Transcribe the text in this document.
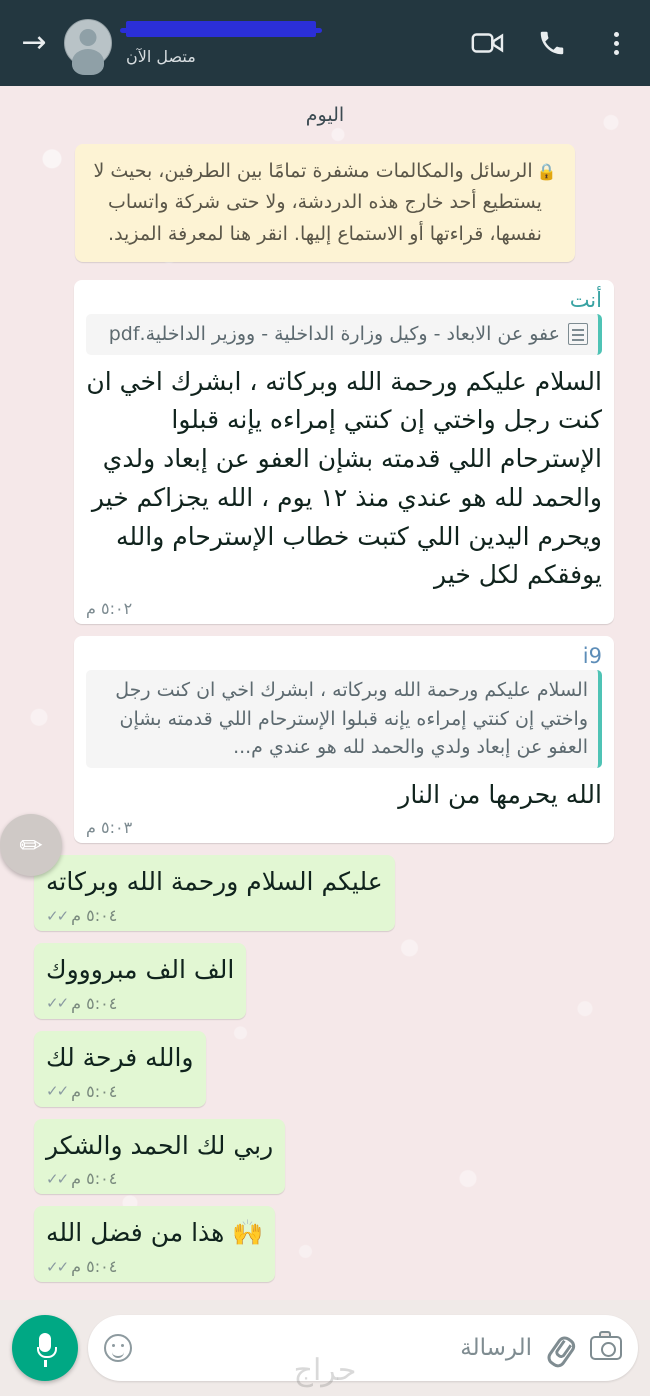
متصل الآن
→
اليوم
🔒الرسائل والمكالمات مشفرة تمامًا بين الطرفين، بحيث لا يستطيع أحد خارج هذه الدردشة، ولا حتى شركة واتساب نفسها، قراءتها أو الاستماع إليها. انقر هنا لمعرفة المزيد.
أنت
عفو عن الابعاد - وكيل وزارة الداخلية - ووزير الداخلية.pdf
السلام عليكم ورحمة الله وبركاته ، ابشرك اخي ان كنت رجل واختي إن كنتي إمراءه يإنه قبلوا الإسترحام اللي قدمته بشإن العفو عن إبعاد ولدي والحمد لله هو عندي منذ ١٢ يوم ، الله يجزاكم خير ويحرم اليدين اللي كتبت خطاب الإسترحام والله يوفقكم لكل خير
٥:٠٢ م
i9
السلام عليكم ورحمة الله وبركاته ، ابشرك اخي ان كنت رجل واختي إن كنتي إمراءه يإنه قبلوا الإسترحام اللي قدمته بشإن العفو عن إبعاد ولدي والحمد لله هو عندي م...
الله يحرمها من النار
٥:٠٣ م
عليكم السلام ورحمة الله وبركاته
✓✓ ٥:٠٤ م
الف الف مبروووك
✓✓ ٥:٠٤ م
والله فرحة لك
✓✓ ٥:٠٤ م
ربي لك الحمد والشكر
✓✓ ٥:٠٤ م
🙌 هذا من فضل الله
✓✓ ٥:٠٤ م
✏
الرسالة
حراج
